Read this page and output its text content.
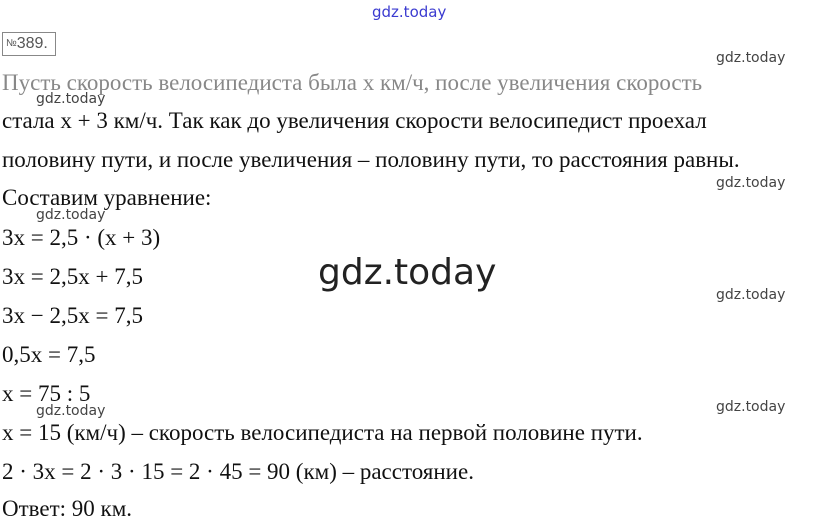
gdz.today
№389.
gdz.today
gdz.today
gdz.today
gdz.today
gdz.today
gdz.today	gdz.today
Пусть скорость велосипедиста была x км/ч, после увеличения скорость
стала x + 3 км/ч. Так как до увеличения скорости велосипедист проехал
половину пути, и после увеличения – половину пути, то расстояния равны.
Составим уравнение:
3x = 2,5 · (x + 3)
3x = 2,5x + 7,5
3x − 2,5x = 7,5
0,5x = 7,5
x = 75 : 5
x = 15 (км/ч) – скорость велосипедиста на первой половине пути.
2 · 3x = 2 · 3 · 15 = 2 · 45 = 90 (км) – расстояние.
Ответ: 90 км.
gdz.today
